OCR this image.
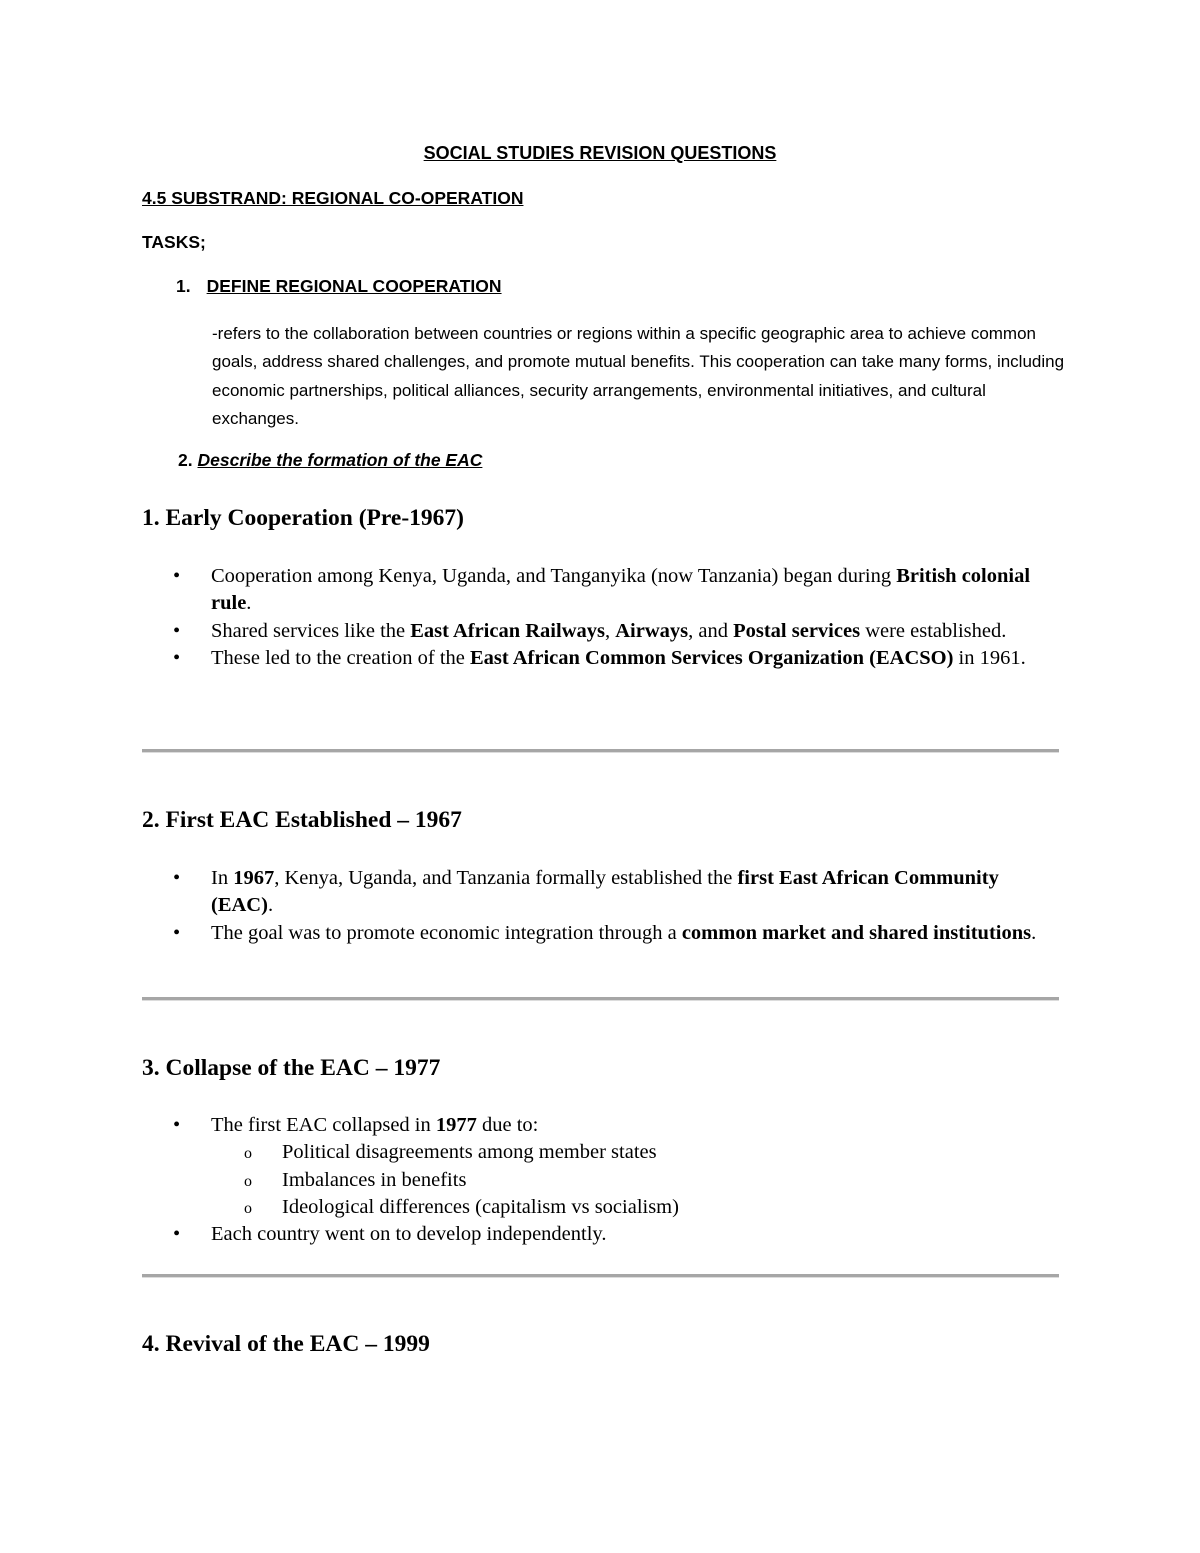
SOCIAL STUDIES REVISION QUESTIONS
4.5 SUBSTRAND: REGIONAL CO-OPERATION
TASKS;
1. DEFINE REGIONAL COOPERATION
-refers to the collaboration between countries or regions within a specific geographic area to achieve common goals, address shared challenges, and promote mutual benefits. This cooperation can take many forms, including economic partnerships, political alliances, security arrangements, environmental initiatives, and cultural exchanges.
2. Describe the formation of the EAC
1. Early Cooperation (Pre-1967)
• Cooperation among Kenya, Uganda, and Tanganyika (now Tanzania) began during British colonial rule.
• Shared services like the East African Railways, Airways, and Postal services were established.
• These led to the creation of the East African Common Services Organization (EACSO) in 1961.
2. First EAC Established – 1967
• In 1967, Kenya, Uganda, and Tanzania formally established the first East African Community (EAC).
• The goal was to promote economic integration through a common market and shared institutions.
3. Collapse of the EAC – 1977
• The first EAC collapsed in 1977 due to:
o Political disagreements among member states
o Imbalances in benefits
o Ideological differences (capitalism vs socialism)
• Each country went on to develop independently.
4. Revival of the EAC – 1999
